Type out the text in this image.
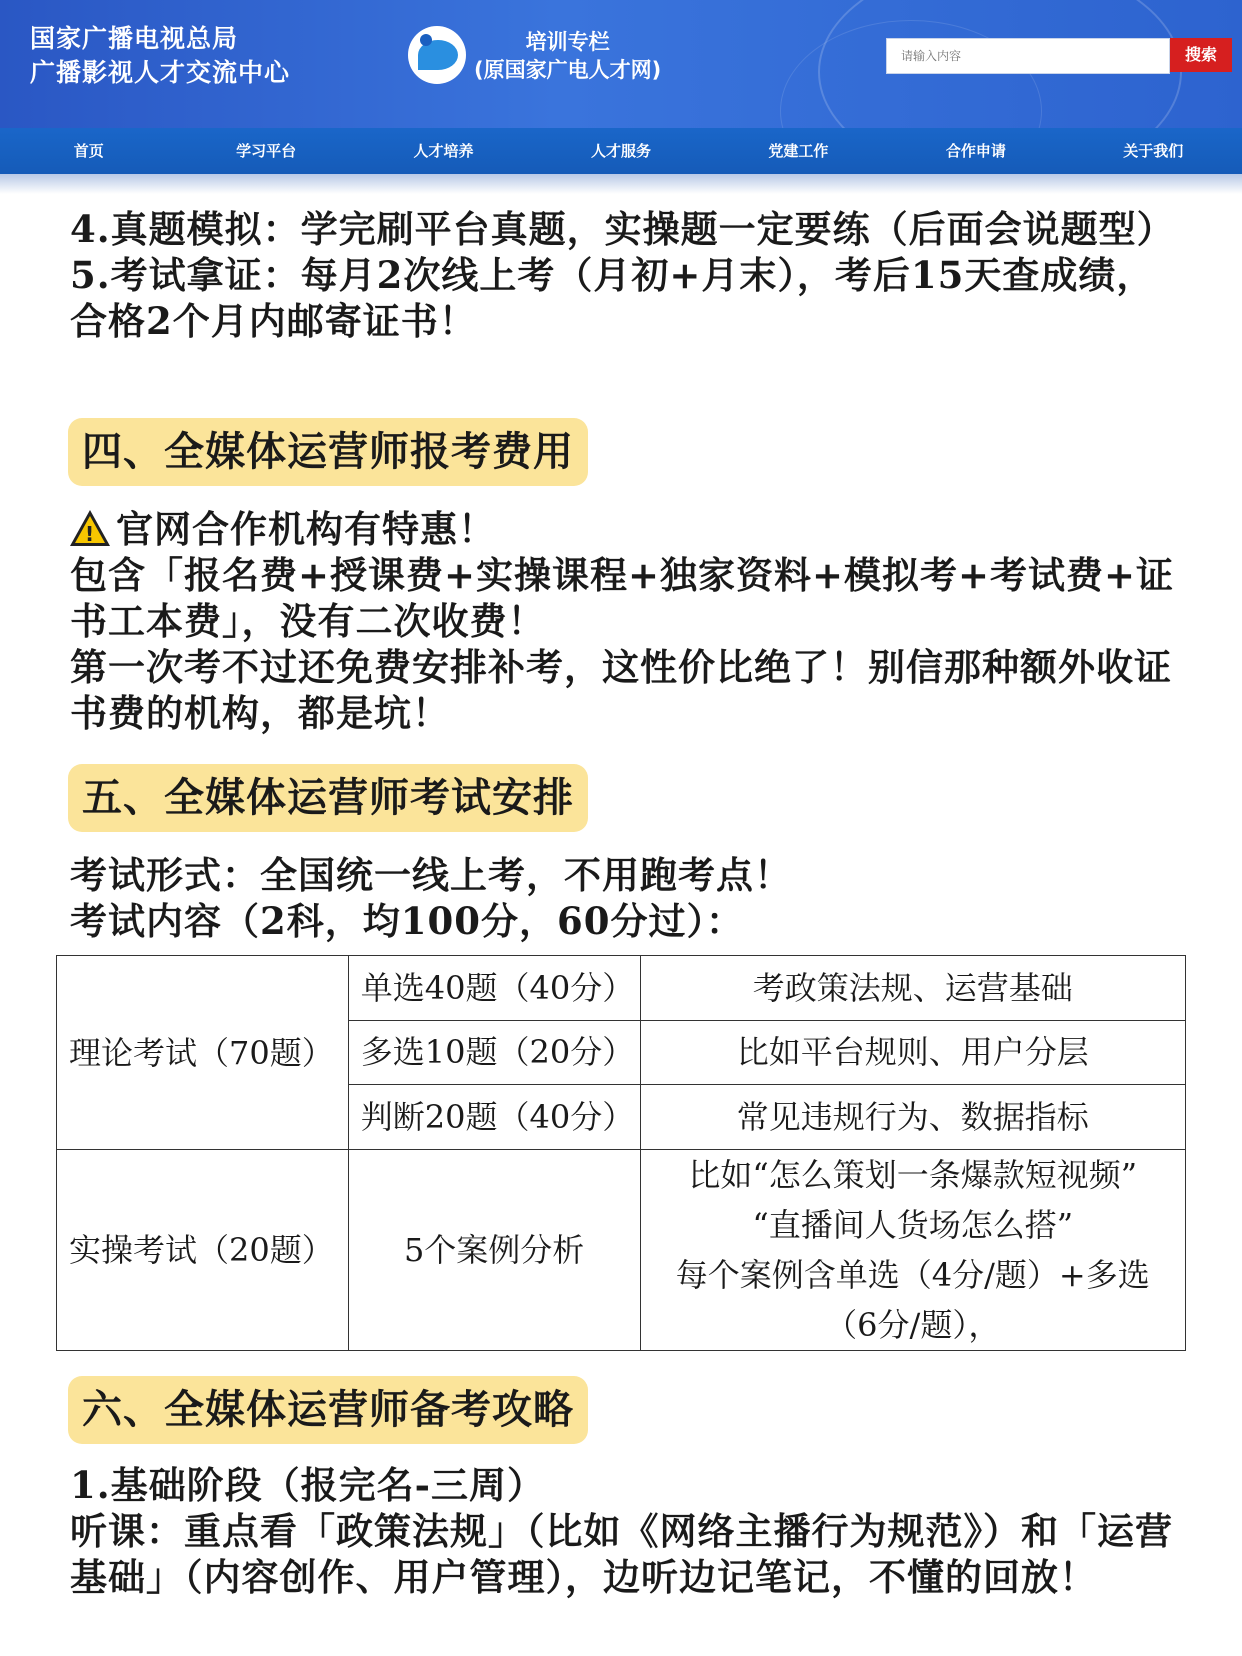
国家广播电视总局
广播影视人才交流中心
培训专栏
(原国家广电人才网)
请输入内容
搜索
首页	学习平台	人才培养	人才服务	党建工作	合作申请	关于我们

4.真题模拟：学完刷平台真题，实操题一定要练（后面会说题型）

5.考试拿证：每月2次线上考（月初+月末），考后15天查成绩，合格2个月内邮寄证书！

四、全媒体运营师报考费用

! 官网合作机构有特惠！

包含「报名费+授课费+实操课程+独家资料+模拟考+考试费+证书工本费」，没有二次收费！

第一次考不过还免费安排补考，这性价比绝了！别信那种额外收证书费的机构，都是坑！

五、全媒体运营师考试安排

考试形式：全国统一线上考，不用跑考点！

考试内容（2科，均100分，60分过）：

理论考试（70题）	单选40题（40分）	考政策法规、运营基础
	多选10题（20分）	比如平台规则、用户分层
	判断20题（40分）	常见违规行为、数据指标
实操考试（20题）	5个案例分析	比如“怎么策划一条爆款短视频”
“直播间人货场怎么搭”
每个案例含单选（4分/题）+多选
（6分/题），
六、全媒体运营师备考攻略

1.基础阶段（报完名-三周）

听课：重点看「政策法规」（比如《网络主播行为规范》）和「运营基础」（内容创作、用户管理），边听边记笔记，不懂的回放！
